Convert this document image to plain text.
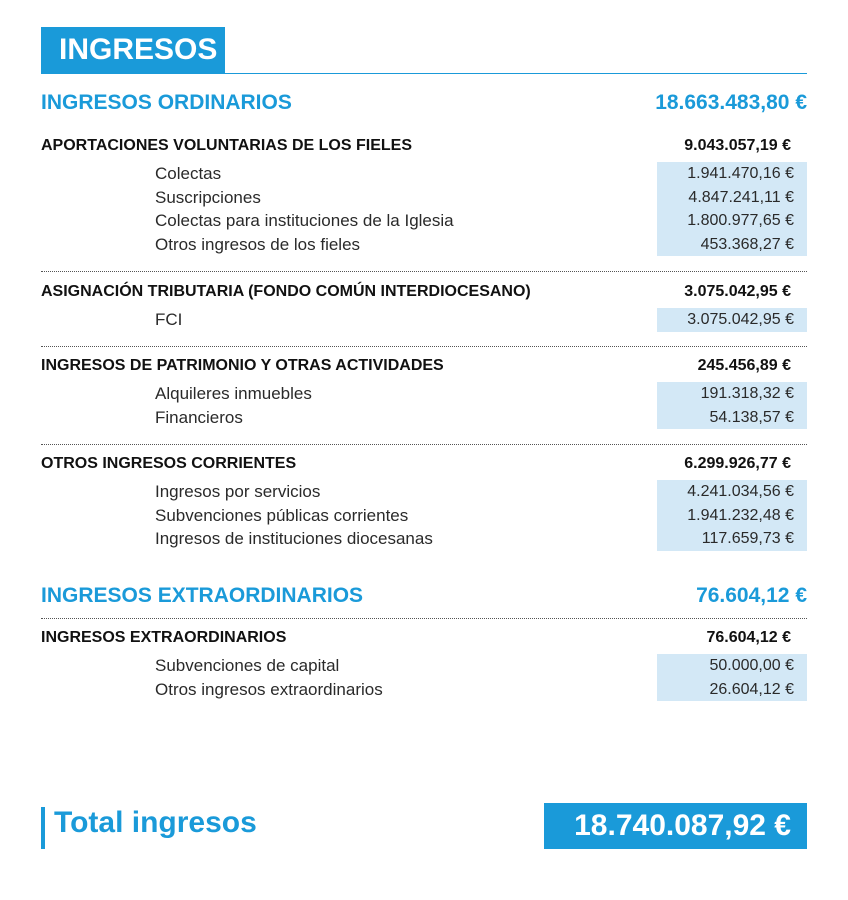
INGRESOS
INGRESOS ORDINARIOS	18.663.483,80 €
APORTACIONES VOLUNTARIAS DE LOS FIELES	9.043.057,19 €
Colectas	1.941.470,16 €
Suscripciones	4.847.241,11 €
Colectas para instituciones de la Iglesia	1.800.977,65 €
Otros ingresos de los fieles	453.368,27 €
ASIGNACIÓN TRIBUTARIA (FONDO COMÚN INTERDIOCESANO)	3.075.042,95 €
FCI	3.075.042,95 €
INGRESOS DE PATRIMONIO Y OTRAS ACTIVIDADES	245.456,89 €
Alquileres inmuebles	191.318,32 €
Financieros	54.138,57 €
OTROS INGRESOS CORRIENTES	6.299.926,77 €
Ingresos por servicios	4.241.034,56 €
Subvenciones públicas corrientes	1.941.232,48 €
Ingresos de instituciones diocesanas	117.659,73 €
INGRESOS EXTRAORDINARIOS	76.604,12 €
INGRESOS EXTRAORDINARIOS	76.604,12 €
Subvenciones de capital	50.000,00 €
Otros ingresos extraordinarios	26.604,12 €
Total ingresos	18.740.087,92 €
